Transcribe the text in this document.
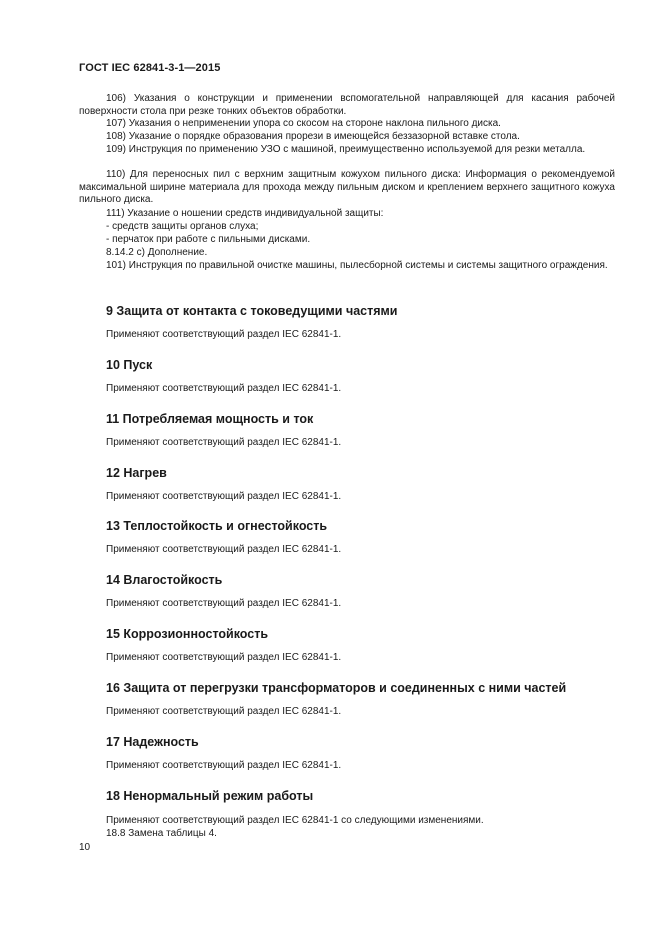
ГОСТ IEC 62841-3-1—2015
106) Указания о конструкции и применении вспомогательной направляющей для касания рабочей поверхности стола при резке тонких объектов обработки.
107) Указания о неприменении упора со скосом на стороне наклона пильного диска.
108) Указание о порядке образования прорези в имеющейся беззазорной вставке стола.
109) Инструкция по применению УЗО с машиной, преимущественно используемой для резки металла.
110) Для переносных пил с верхним защитным кожухом пильного диска: Информация о рекомендуемой максимальной ширине материала для прохода между пильным диском и креплением верхнего защитного кожуха пильного диска.
111) Указание о ношении средств индивидуальной защиты:
- средств защиты органов слуха;
- перчаток при работе с пильными дисками.
8.14.2 с) Дополнение.
101) Инструкция по правильной очистке машины, пылесборной системы и системы защитного ограждения.
9 Защита от контакта с токоведущими частями
Применяют соответствующий раздел IEC 62841-1.
10 Пуск
Применяют соответствующий раздел IEC 62841-1.
11 Потребляемая мощность и ток
Применяют соответствующий раздел IEC 62841-1.
12 Нагрев
Применяют соответствующий раздел IEC 62841-1.
13 Теплостойкость и огнестойкость
Применяют соответствующий раздел IEC 62841-1.
14 Влагостойкость
Применяют соответствующий раздел IEC 62841-1.
15 Коррозионностойкость
Применяют соответствующий раздел IEC 62841-1.
16 Защита от перегрузки трансформаторов и соединенных с ними частей
Применяют соответствующий раздел IEC 62841-1.
17 Надежность
Применяют соответствующий раздел IEC 62841-1.
18 Ненормальный режим работы
Применяют соответствующий раздел IEC 62841-1 со следующими изменениями.
18.8 Замена таблицы 4.
10
